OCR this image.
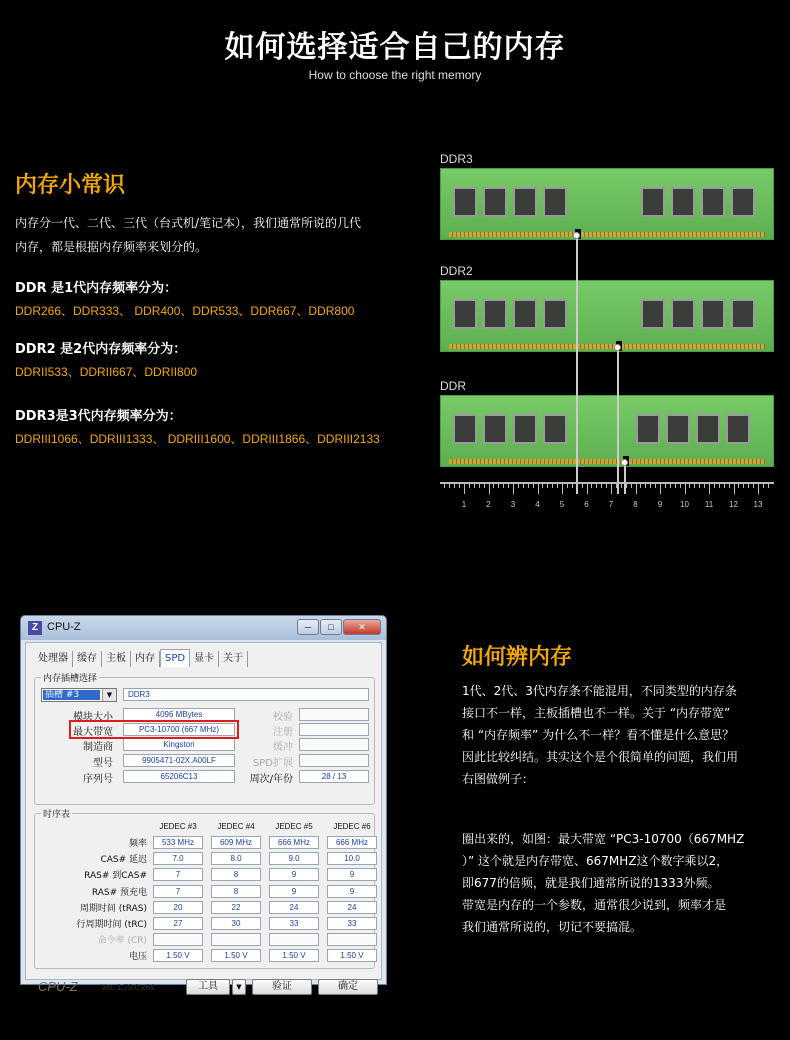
如何选择适合自己的内存
How to choose the right memory
内存小常识
内存分一代、二代、三代（台式机/笔记本），我们通常所说的几代
内存，都是根据内存频率来划分的。
DDR 是1代内存频率分为：
DDR266、DDR333、 DDR400、DDR533、DDR667、DDR800
DDR2 是2代内存频率分为：
DDRII533、DDRII667、DDRII800
DDR3是3代内存频率分为：
DDRIII1066、DDRIII1333、 DDRIII1600、DDRIII1866、DDRIII2133
DDR3
DDR2
DDR
1	2	3	4	5	6	7	8	9 10 11 12 13
Z CPU-Z	─	□	✕
处理器 缓存 主板 内存	SPD 显卡 关于
内存插槽选择
插槽 #3	▼	DDR3
模块大小	4096 MBytes	校验
最大带宽	PC3-10700 (667 MHz)	注册
制造商	Kingston	缓冲
型号	9905471-02X.A00LF	SPD扩展
序列号	65206C13	周次/年份	28 / 13
时序表
JEDEC #3	JEDEC #4	JEDEC #5	JEDEC #6
频率	533 MHz	609 MHz	666 MHz	666 MHz
CAS# 延迟	7.0	8.0	9.0	10.0
RAS# 到CAS#	7	8	9	9
RAS# 预充电	7	8	9	9
周期时间 (tRAS)	20	22	24	24
行周期时间 (tRC)	27	30	33	33
命令率 (CR)
电压	1.50 V	1.50 V	1.50 V	1.50 V
CPU-Z	Ver. 1.70.0.x64	工具	▼	验证	确定
如何辨内存
1代、2代、3代内存条不能混用，不同类型的内存条
接口不一样，主板插槽也不一样。关于 “内存带宽”
和 “内存频率” 为什么不一样？看不懂是什么意思？
因此比较纠结。其实这个是个很简单的问题，我们用
右图做例子：
圈出来的，如图：最大带宽 “PC3-10700（667MHZ
）” 这个就是内存带宽、667MHZ这个数字乘以2，
即677的倍频，就是我们通常所说的1333外频。
带宽是内存的一个参数，通常很少说到，频率才是
我们通常所说的，切记不要搞混。
